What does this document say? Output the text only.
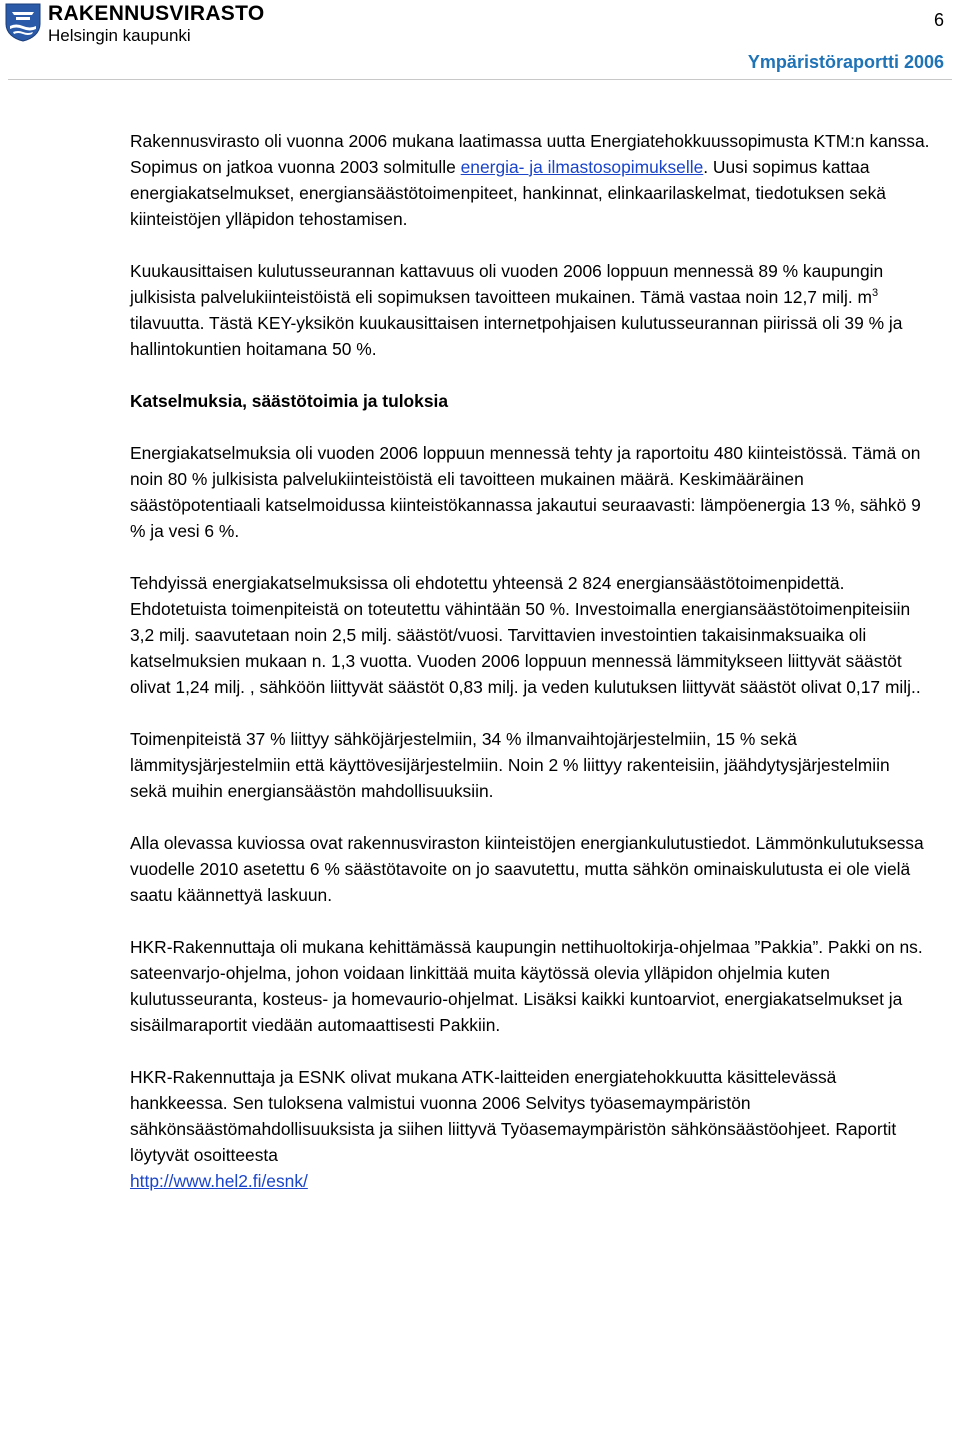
RAKENNUSVIRASTO
Helsingin kaupunki
6
Ympäristöraportti 2006

Rakennusvirasto oli vuonna 2006 mukana laatimassa uutta Energiatehokkuussopimusta KTM:n kanssa. Sopimus on jatkoa vuonna 2003 solmitulle energia- ja ilmastosopimukselle. Uusi sopimus kattaa energiakatselmukset, energiansäästötoimenpiteet, hankinnat, elinkaarilaskelmat, tiedotuksen sekä kiinteistöjen ylläpidon tehostamisen.

Kuukausittaisen kulutusseurannan kattavuus oli vuoden 2006 loppuun mennessä 89 % kaupungin julkisista palvelukiinteistöistä eli sopimuksen tavoitteen mukainen. Tämä vastaa noin 12,7 milj. $m^3$ tilavuutta. Tästä KEY-yksikön kuukausittaisen internetpohjaisen kulutusseurannan piirissä oli 39 % ja hallintokuntien hoitamana 50 %.

Katselmuksia, säästötoimia ja tuloksia

Energiakatselmuksia oli vuoden 2006 loppuun mennessä tehty ja raportoitu 480 kiinteistössä. Tämä on noin 80 % julkisista palvelukiinteistöistä eli tavoitteen mukainen määrä. Keskimääräinen säästöpotentiaali katselmoidussa kiinteistökannassa jakautui seuraavasti: lämpöenergia 13 %, sähkö 9 % ja vesi 6 %.

Tehdyissä energiakatselmuksissa oli ehdotettu yhteensä 2 824 energiansäästötoimenpidettä. Ehdotetuista toimenpiteistä on toteutettu vähintään 50 %. Investoimalla energiansäästötoimenpiteisiin 3,2 milj. saavutetaan noin 2,5 milj. säästöt/vuosi. Tarvittavien investointien takaisinmaksuaika oli katselmuksien mukaan n. 1,3 vuotta. Vuoden 2006 loppuun mennessä lämmitykseen liittyvät säästöt olivat 1,24 milj. , sähköön liittyvät säästöt 0,83 milj. ja veden kulutuksen liittyvät säästöt olivat 0,17 milj..

Toimenpiteistä 37 % liittyy sähköjärjestelmiin, 34 % ilmanvaihtojärjestelmiin, 15 % sekä lämmitysjärjestelmiin että käyttövesijärjestelmiin. Noin 2 % liittyy rakenteisiin, jäähdytysjärjestelmiin sekä muihin energiansäästön mahdollisuuksiin.

Alla olevassa kuviossa ovat rakennusviraston kiinteistöjen energiankulutustiedot. Lämmönkulutuksessa vuodelle 2010 asetettu 6 % säästötavoite on jo saavutettu, mutta sähkön ominaiskulutusta ei ole vielä saatu käännettyä laskuun.

HKR-Rakennuttaja oli mukana kehittämässä kaupungin nettihuoltokirja-ohjelmaa ”Pakkia”. Pakki on ns. sateenvarjo-ohjelma, johon voidaan linkittää muita käytössä olevia ylläpidon ohjelmia kuten kulutusseuranta, kosteus- ja homevaurio-ohjelmat. Lisäksi kaikki kuntoarviot, energiakatselmukset ja sisäilmaraportit viedään automaattisesti Pakkiin.

HKR-Rakennuttaja ja ESNK olivat mukana ATK-laitteiden energiatehokkuutta käsittelevässä hankkeessa. Sen tuloksena valmistui vuonna 2006 Selvitys työasemaympäristön sähkönsäästömahdollisuuksista ja siihen liittyvä Työasemaympäristön sähkönsäästöohjeet. Raportit löytyvät osoitteesta
http://www.hel2.fi/esnk/
